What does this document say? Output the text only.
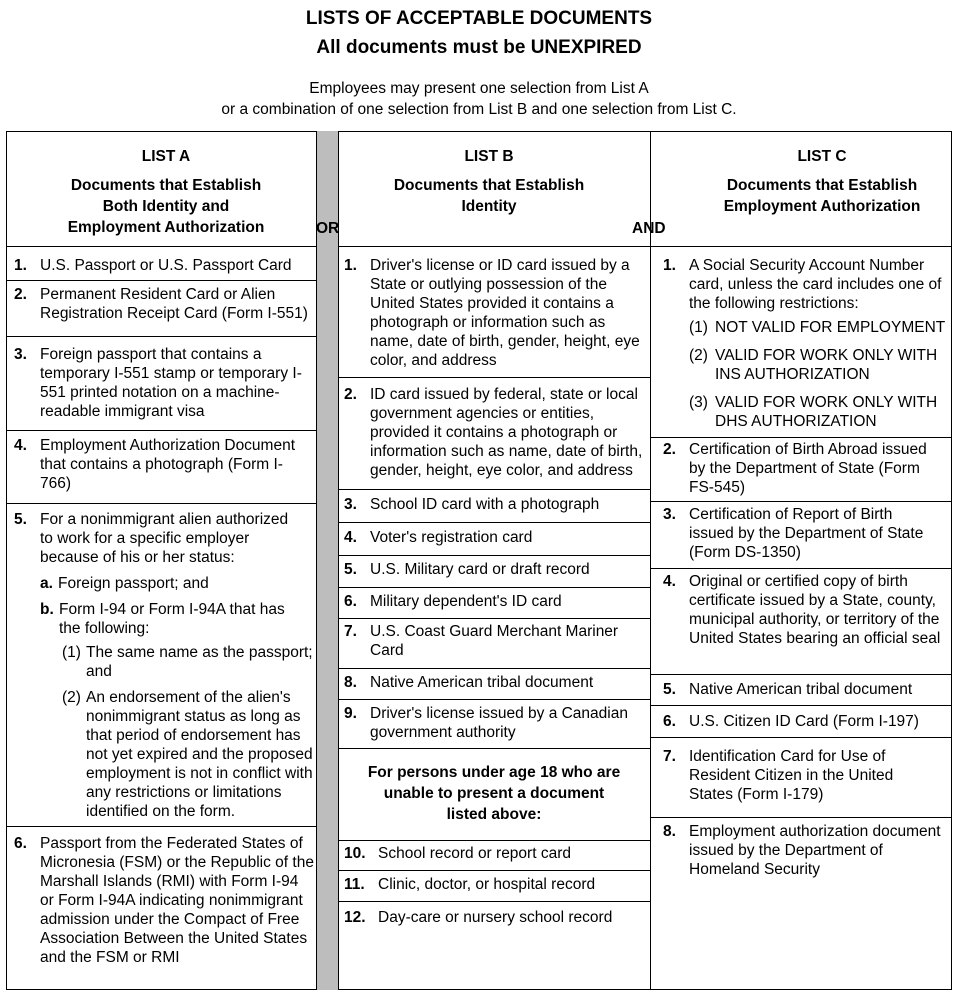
LISTS OF ACCEPTABLE DOCUMENTS
All documents must be UNEXPIRED
Employees may present one selection from List A
or a combination of one selection from List B and one selection from List C.
LIST A
Documents that Establish
Both Identity and
Employment Authorization	OR
LIST B
Documents that Establish
Identity
AND
LIST C
Documents that Establish
Employment Authorization
1. U.S. Passport or U.S. Passport Card
2. Permanent Resident Card or Alien Registration Receipt Card (Form I-551)
3. Foreign passport that contains a temporary I-551 stamp or temporary I-551 printed notation on a machine-readable immigrant visa
4. Employment Authorization Document that contains a photograph (Form I-766)
5. For a nonimmigrant alien authorized to work for a specific employer because of his or her status:
a. Foreign passport; and
b. Form I-94 or Form I-94A that has the following:
(1) The same name as the passport; and
(2) An endorsement of the alien's nonimmigrant status as long as that period of endorsement has not yet expired and the proposed employment is not in conflict with any restrictions or limitations identified on the form.
6. Passport from the Federated States of Micronesia (FSM) or the Republic of the Marshall Islands (RMI) with Form I-94 or Form I-94A indicating nonimmigrant admission under the Compact of Free Association Between the United States and the FSM or RMI
1. Driver's license or ID card issued by a State or outlying possession of the United States provided it contains a photograph or information such as name, date of birth, gender, height, eye color, and address
2. ID card issued by federal, state or local government agencies or entities, provided it contains a photograph or information such as name, date of birth, gender, height, eye color, and address
3. School ID card with a photograph
4. Voter's registration card
5. U.S. Military card or draft record
6. Military dependent's ID card
7. U.S. Coast Guard Merchant Mariner Card
8. Native American tribal document
9. Driver's license issued by a Canadian government authority
For persons under age 18 who are
unable to present a document
listed above:
10. School record or report card
11. Clinic, doctor, or hospital record
12. Day-care or nursery school record
1. A Social Security Account Number card, unless the card includes one of the following restrictions:
(1) NOT VALID FOR EMPLOYMENT
(2) VALID FOR WORK ONLY WITH INS AUTHORIZATION
(3) VALID FOR WORK ONLY WITH DHS AUTHORIZATION
2. Certification of Birth Abroad issued by the Department of State (Form FS-545)
3. Certification of Report of Birth issued by the Department of State (Form DS-1350)
4. Original or certified copy of birth certificate issued by a State, county, municipal authority, or territory of the United States bearing an official seal
5. Native American tribal document
6. U.S. Citizen ID Card (Form I-197)
7. Identification Card for Use of Resident Citizen in the United States (Form I-179)
8. Employment authorization document issued by the Department of Homeland Security
